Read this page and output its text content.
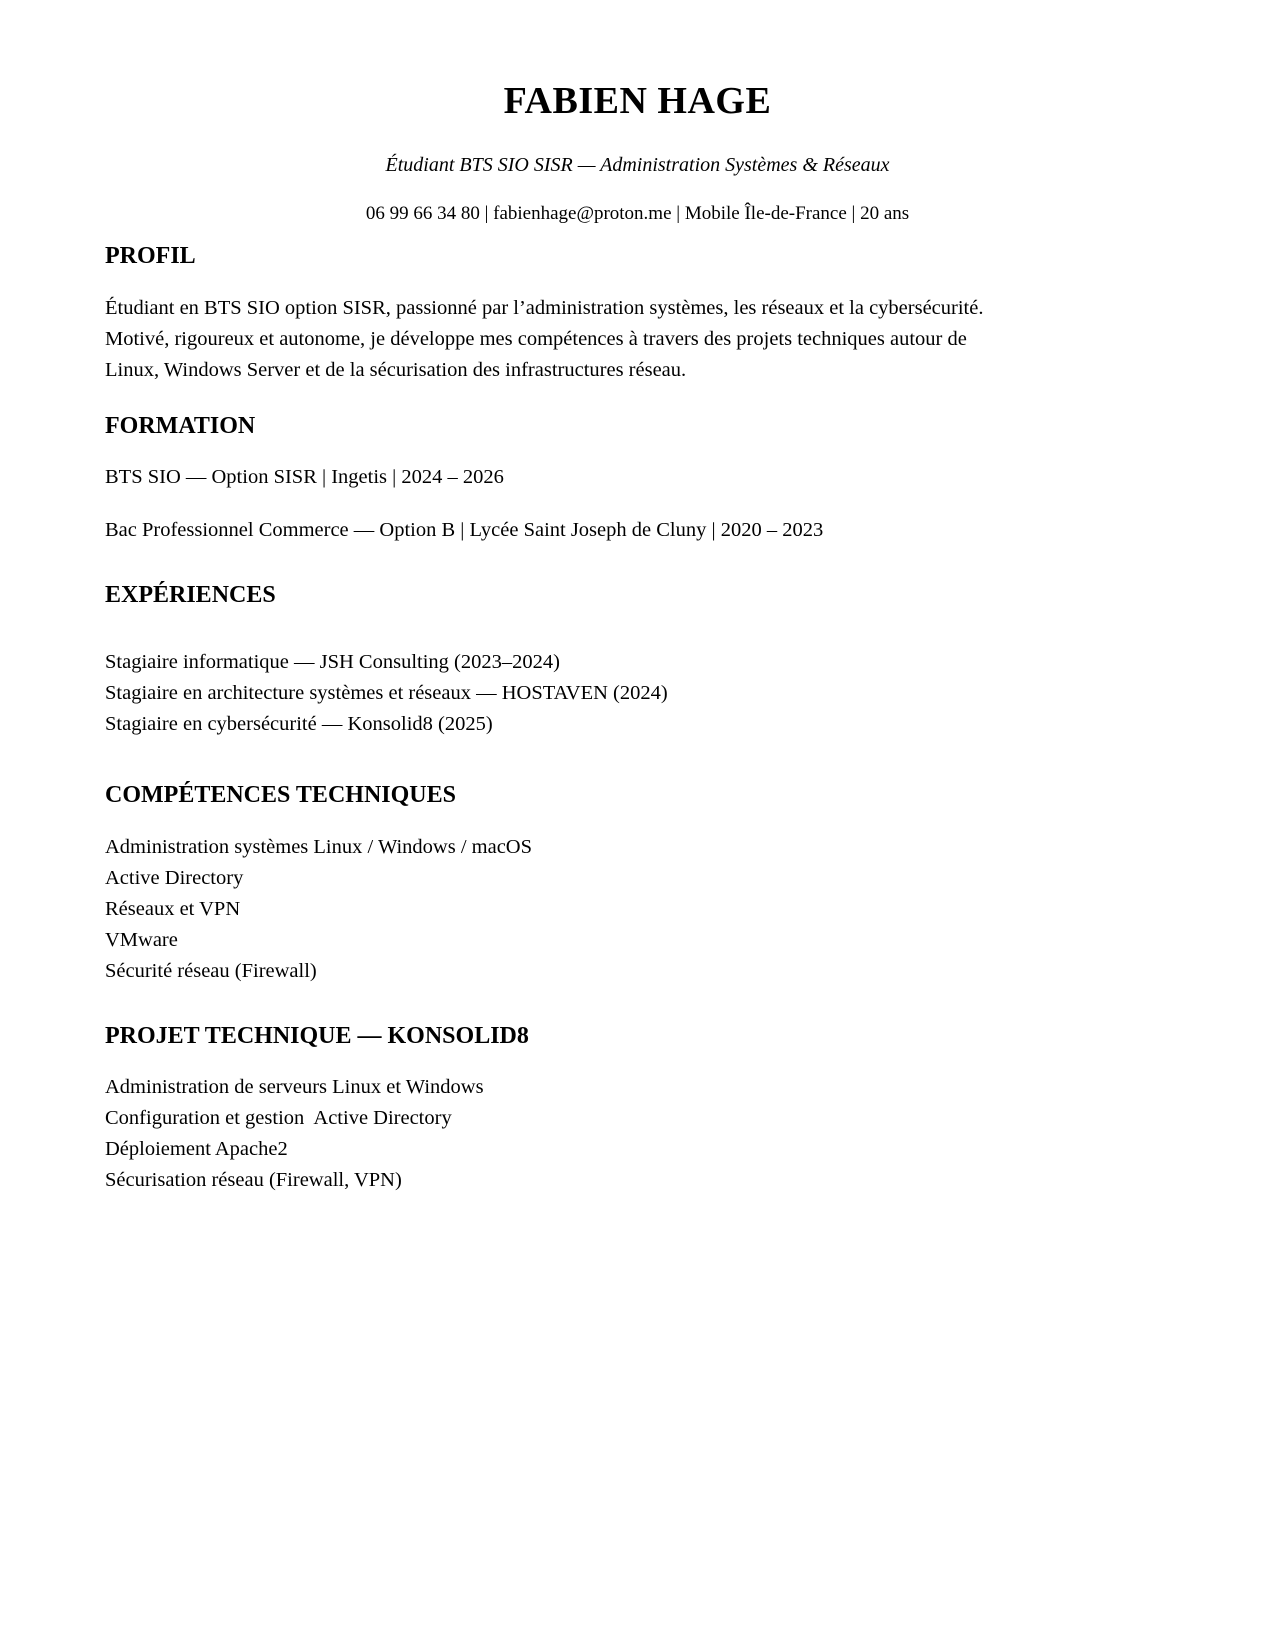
FABIEN HAGE
Étudiant BTS SIO SISR — Administration Systèmes & Réseaux
06 99 66 34 80 | fabienhage@proton.me | Mobile Île-de-France | 20 ans
PROFIL
Étudiant en BTS SIO option SISR, passionné par l’administration systèmes, les réseaux et la cybersécurité.
Motivé, rigoureux et autonome, je développe mes compétences à travers des projets techniques autour de
Linux, Windows Server et de la sécurisation des infrastructures réseau.
FORMATION
BTS SIO — Option SISR | Ingetis | 2024 – 2026
Bac Professionnel Commerce — Option B | Lycée Saint Joseph de Cluny | 2020 – 2023
EXPÉRIENCES
Stagiaire informatique — JSH Consulting (2023–2024)
Stagiaire en architecture systèmes et réseaux — HOSTAVEN (2024)
Stagiaire en cybersécurité — Konsolid8 (2025)
COMPÉTENCES TECHNIQUES
Administration systèmes Linux / Windows / macOS
Active Directory
Réseaux et VPN
VMware
Sécurité réseau (Firewall)
PROJET TECHNIQUE — KONSOLID8
Administration de serveurs Linux et Windows
Configuration et gestion  Active Directory
Déploiement Apache2
Sécurisation réseau (Firewall, VPN)
